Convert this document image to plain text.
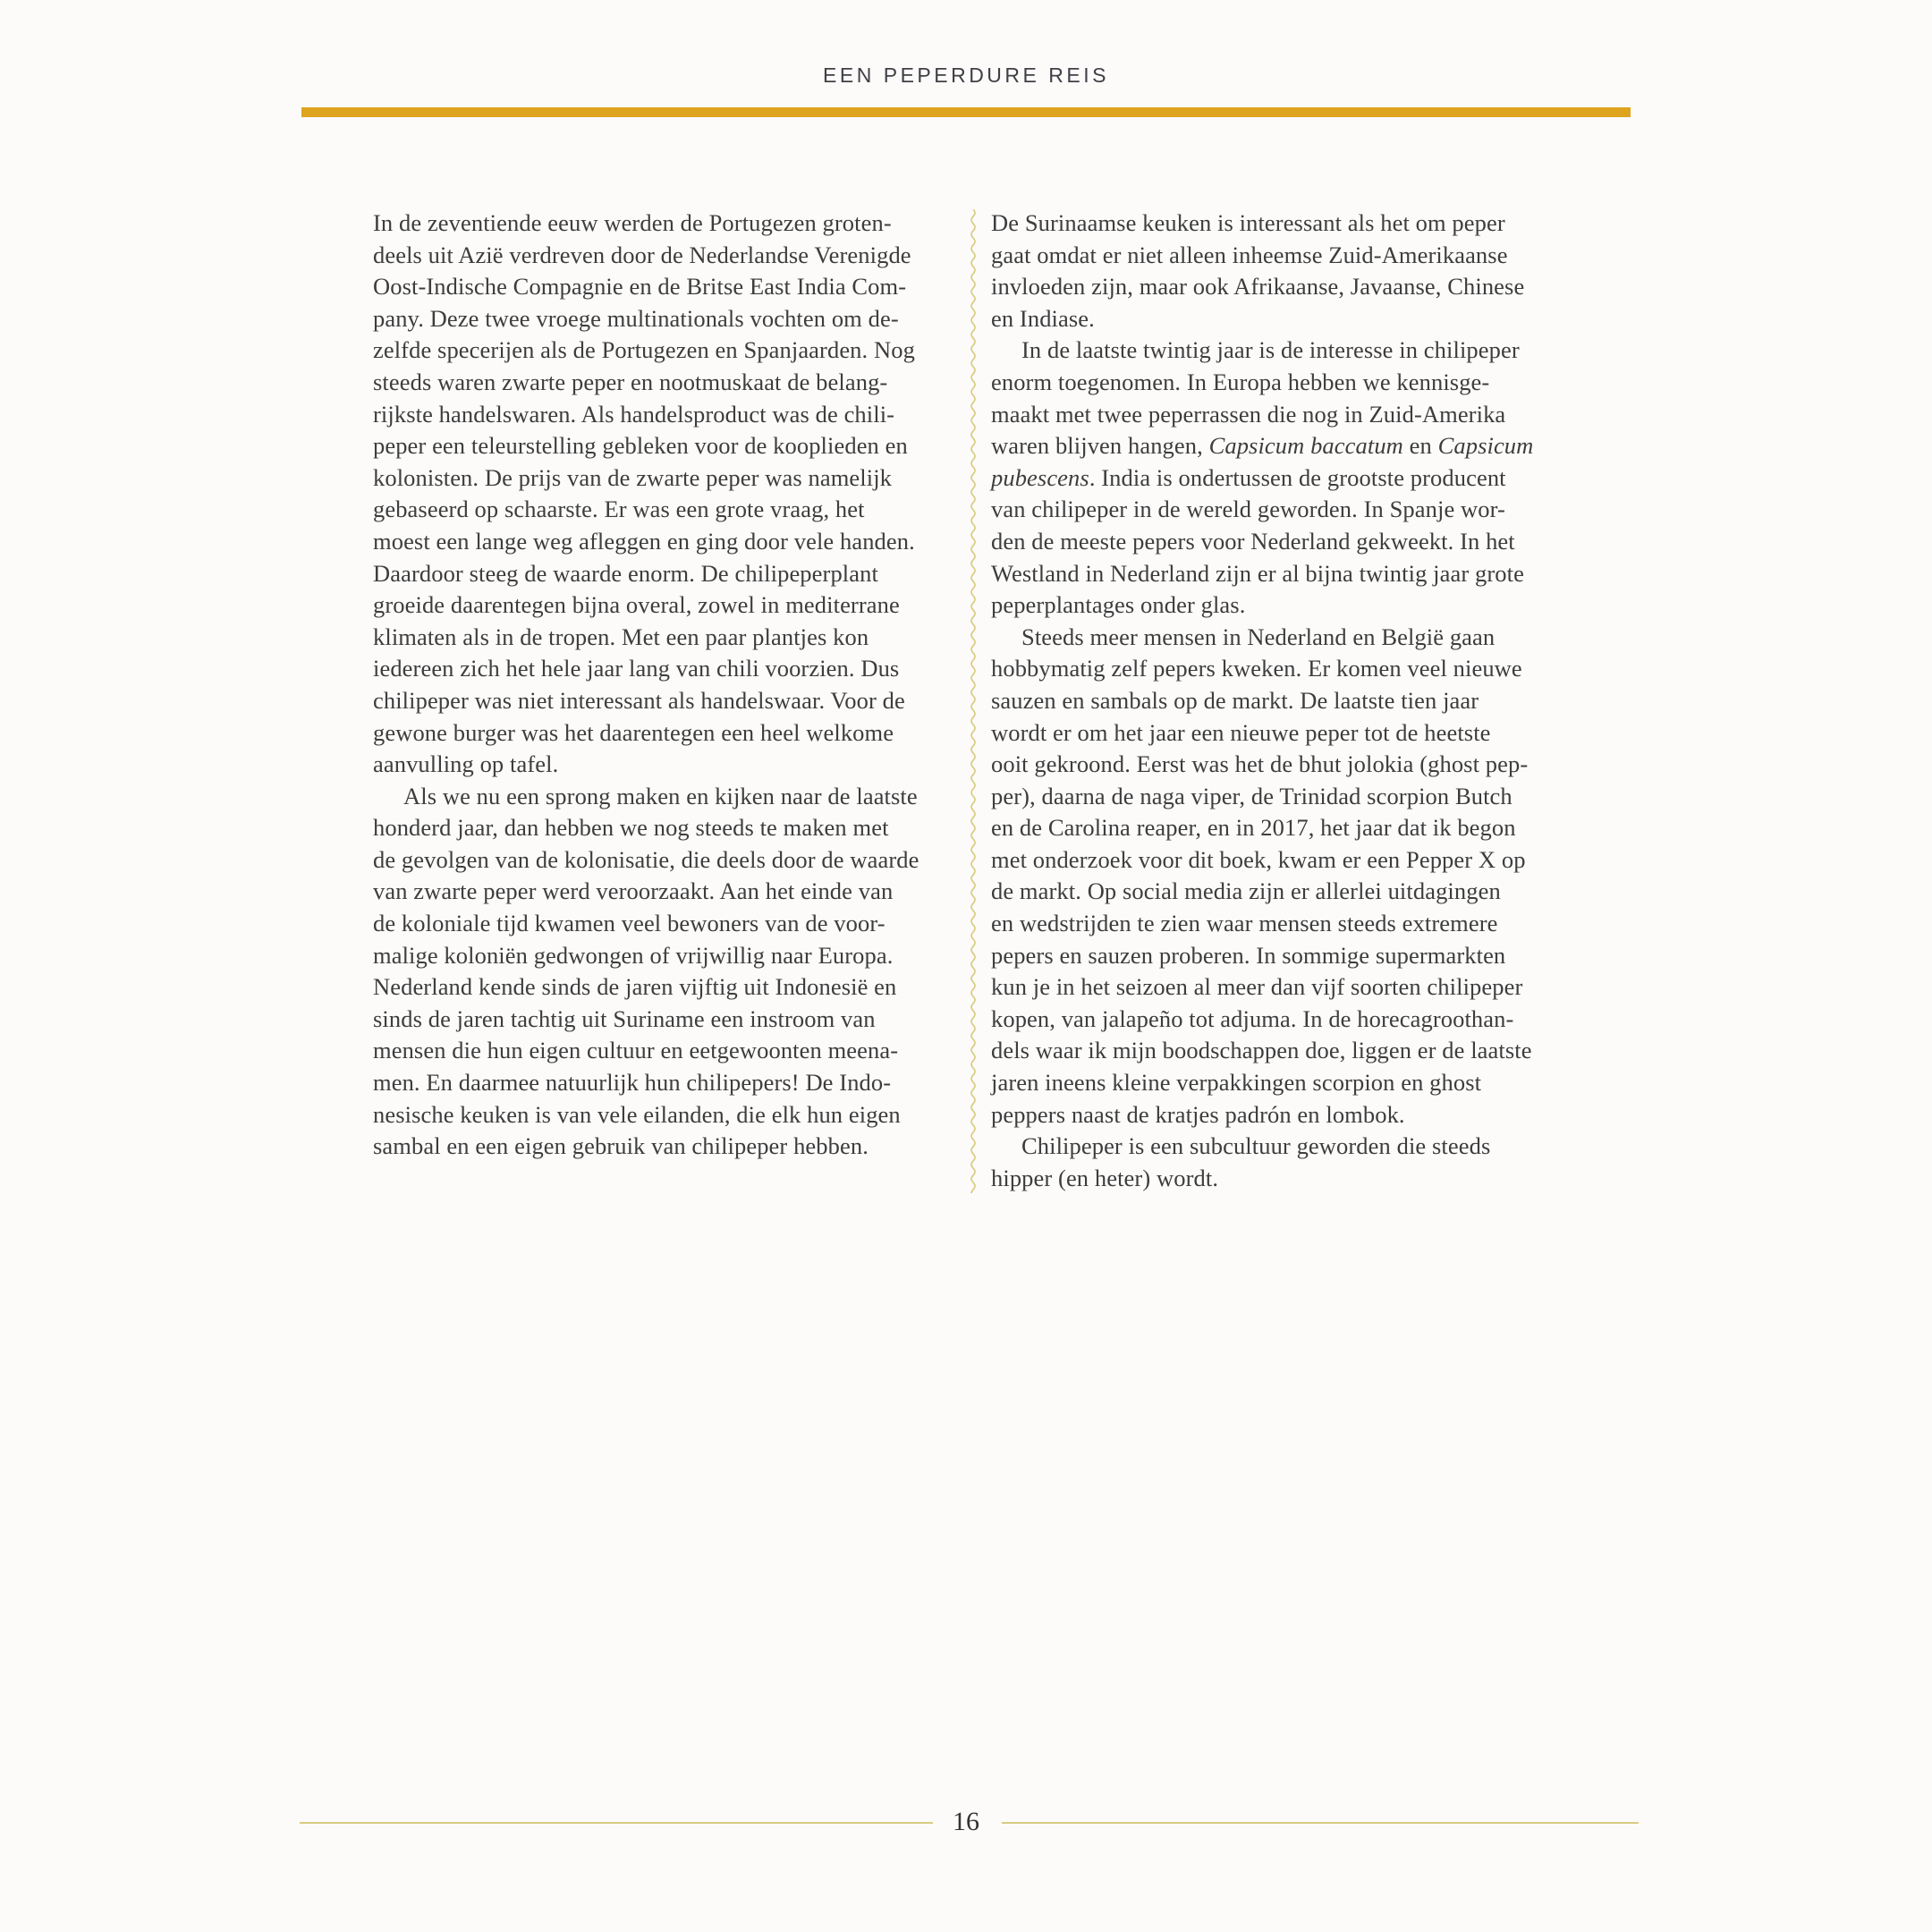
EEN PEPERDURE REIS
In de zeventiende eeuw werden de Portugezen groten-
deels uit Azië verdreven door de Nederlandse Verenigde
Oost-Indische Compagnie en de Britse East India Com-
pany. Deze twee vroege multinationals vochten om de-
zelfde specerijen als de Portugezen en Spanjaarden. Nog
steeds waren zwarte peper en nootmuskaat de belang-
rijkste handelswaren. Als handelsproduct was de chili-
peper een teleurstelling gebleken voor de kooplieden en
kolonisten. De prijs van de zwarte peper was namelijk
gebaseerd op schaarste. Er was een grote vraag, het
moest een lange weg afleggen en ging door vele handen.
Daardoor steeg de waarde enorm. De chilipeperplant
groeide daarentegen bijna overal, zowel in mediterrane
klimaten als in de tropen. Met een paar plantjes kon
iedereen zich het hele jaar lang van chili voorzien. Dus
chilipeper was niet interessant als handelswaar. Voor de
gewone burger was het daarentegen een heel welkome
aanvulling op tafel.
Als we nu een sprong maken en kijken naar de laatste
honderd jaar, dan hebben we nog steeds te maken met
de gevolgen van de kolonisatie, die deels door de waarde
van zwarte peper werd veroorzaakt. Aan het einde van
de koloniale tijd kwamen veel bewoners van de voor-
malige koloniën gedwongen of vrijwillig naar Europa.
Nederland kende sinds de jaren vijftig uit Indonesië en
sinds de jaren tachtig uit Suriname een instroom van
mensen die hun eigen cultuur en eetgewoonten meena-
men. En daarmee natuurlijk hun chilipepers! De Indo-
nesische keuken is van vele eilanden, die elk hun eigen
sambal en een eigen gebruik van chilipeper hebben.
De Surinaamse keuken is interessant als het om peper
gaat omdat er niet alleen inheemse Zuid-Amerikaanse
invloeden zijn, maar ook Afrikaanse, Javaanse, Chinese
en Indiase.
In de laatste twintig jaar is de interesse in chilipeper
enorm toegenomen. In Europa hebben we kennisge-
maakt met twee peperrassen die nog in Zuid-Amerika
waren blijven hangen, Capsicum baccatum en Capsicum
pubescens. India is ondertussen de grootste producent
van chilipeper in de wereld geworden. In Spanje wor-
den de meeste pepers voor Nederland gekweekt. In het
Westland in Nederland zijn er al bijna twintig jaar grote
peperplantages onder glas.
Steeds meer mensen in Nederland en België gaan
hobbymatig zelf pepers kweken. Er komen veel nieuwe
sauzen en sambals op de markt. De laatste tien jaar
wordt er om het jaar een nieuwe peper tot de heetste
ooit gekroond. Eerst was het de bhut jolokia (ghost pep-
per), daarna de naga viper, de Trinidad scorpion Butch
en de Carolina reaper, en in 2017, het jaar dat ik begon
met onderzoek voor dit boek, kwam er een Pepper X op
de markt. Op social media zijn er allerlei uitdagingen
en wedstrijden te zien waar mensen steeds extremere
pepers en sauzen proberen. In sommige supermarkten
kun je in het seizoen al meer dan vijf soorten chilipeper
kopen, van jalapeño tot adjuma. In de horecagroothan-
dels waar ik mijn boodschappen doe, liggen er de laatste
jaren ineens kleine verpakkingen scorpion en ghost
peppers naast de kratjes padrón en lombok.
Chilipeper is een subcultuur geworden die steeds
hipper (en heter) wordt.
16
